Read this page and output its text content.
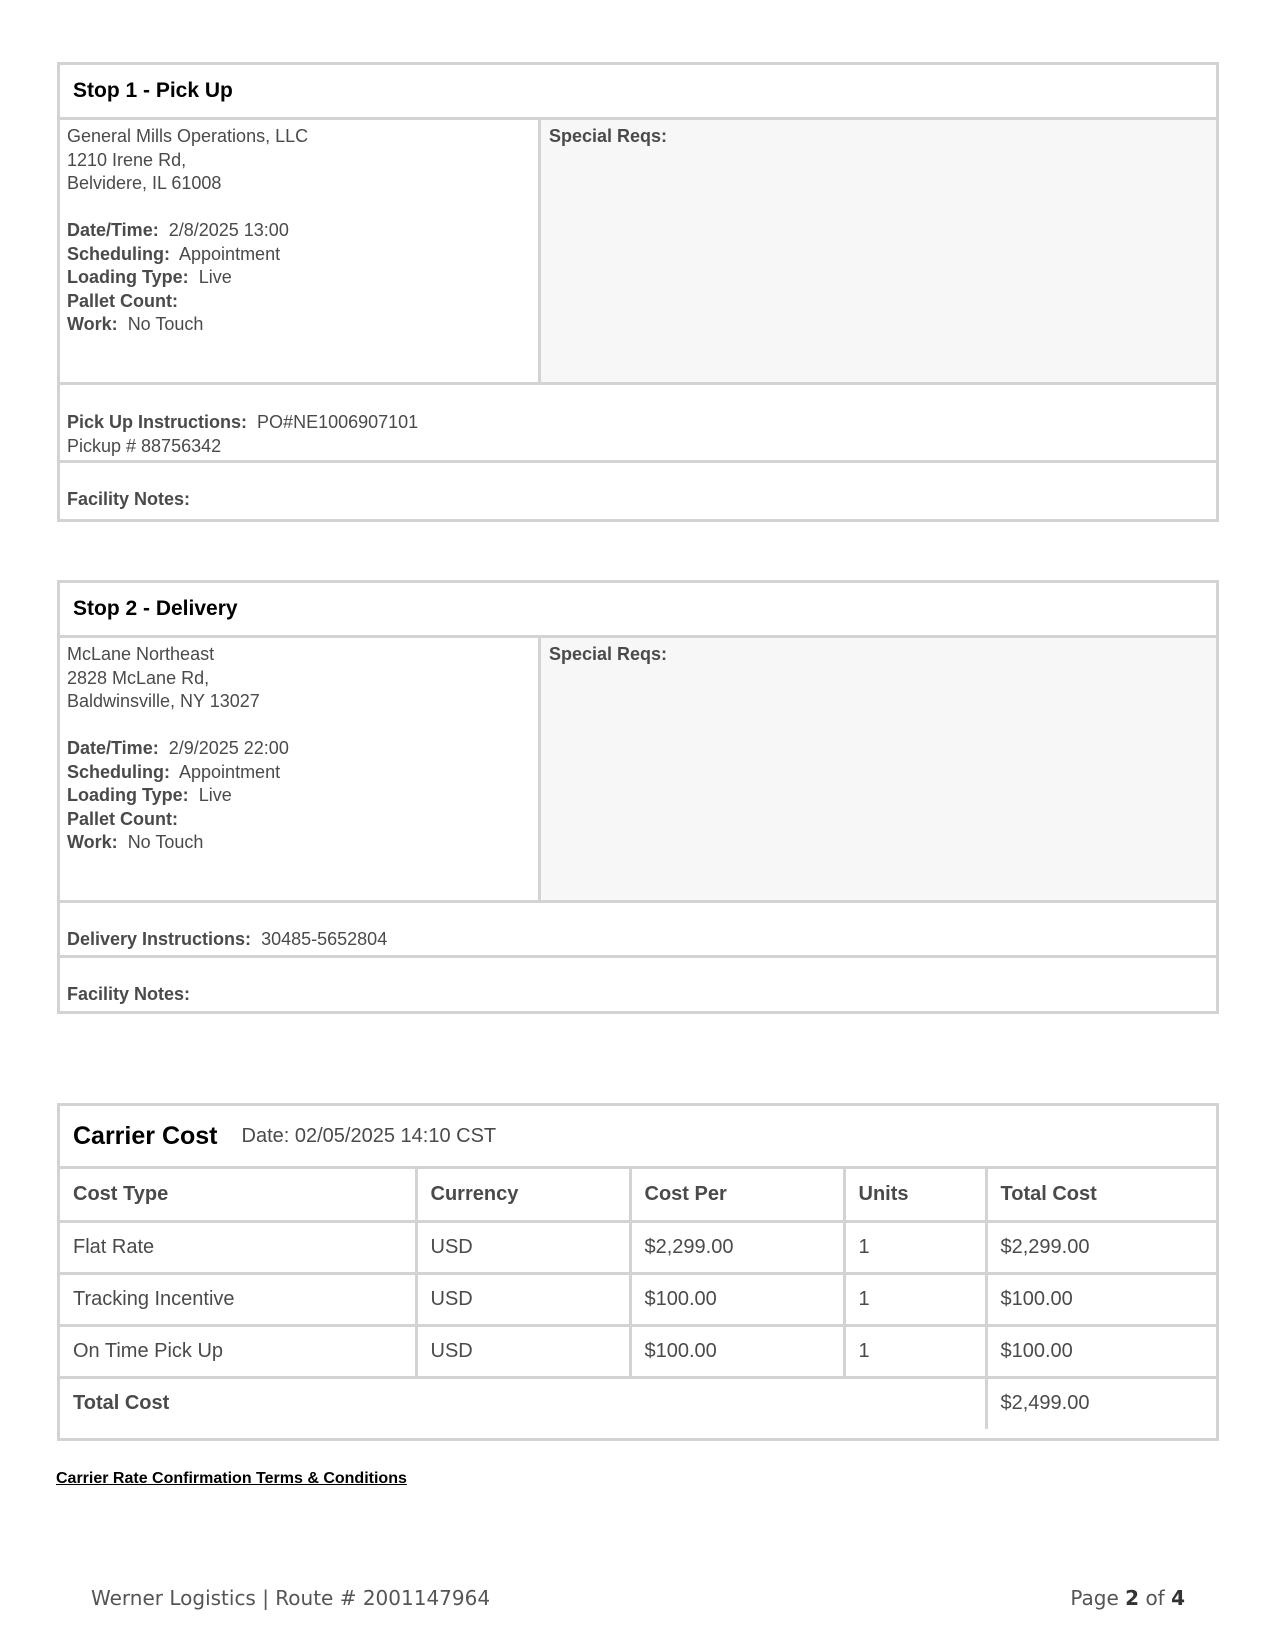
Stop 1 - Pick Up
General Mills Operations, LLC
1210 Irene Rd,
Belvidere, IL 61008
Date/Time: 2/8/2025 13:00
Scheduling: Appointment
Loading Type: Live
Pallet Count:
Work: No Touch
Special Reqs:
Pick Up Instructions: PO#NE1006907101
Pickup # 88756342
Facility Notes:
Stop 2 - Delivery
McLane Northeast
2828 McLane Rd,
Baldwinsville, NY 13027
Date/Time: 2/9/2025 22:00
Scheduling: Appointment
Loading Type: Live
Pallet Count:
Work: No Touch
Special Reqs:
Delivery Instructions: 30485-5652804
Facility Notes:
Carrier Cost Date: 02/05/2025 14:10 CST
Cost Type	Currency	Cost Per	Units	Total Cost
Flat Rate	USD	$2,299.00	1	$2,299.00
Tracking Incentive	USD	$100.00	1	$100.00
On Time Pick Up	USD	$100.00	1	$100.00
Total Cost				$2,499.00
Carrier Rate Confirmation Terms & Conditions
Werner Logistics | Route # 2001147964	Page 2 of 4
